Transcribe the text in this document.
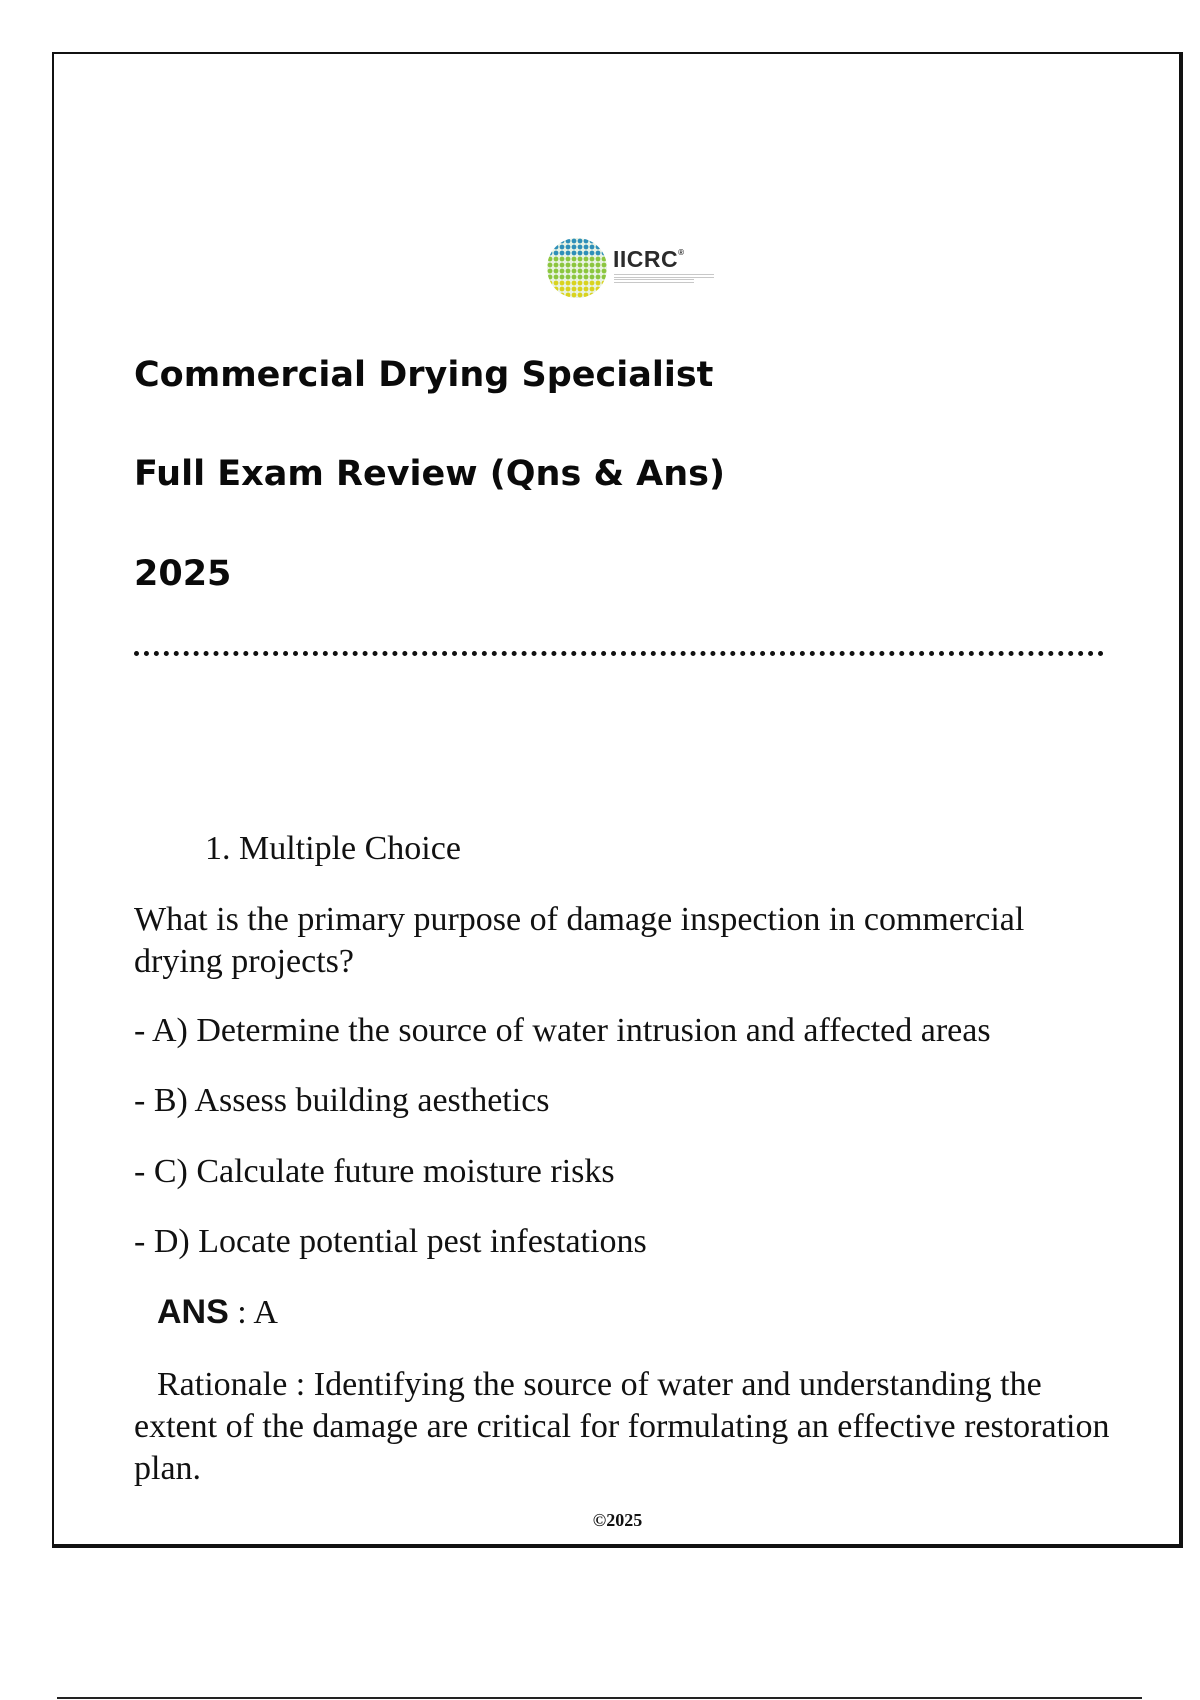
IICRC®
Commercial Drying Specialist
Full Exam Review (Qns & Ans)
2025

1. Multiple Choice

What is the primary purpose of damage inspection in commercial drying projects?

- A) Determine the source of water intrusion and affected areas

- B) Assess building aesthetics

- C) Calculate future moisture risks

- D) Locate potential pest infestations

ANS : A

Rationale : Identifying the source of water and understanding the extent of the damage are critical for formulating an effective restoration plan.

©2025
